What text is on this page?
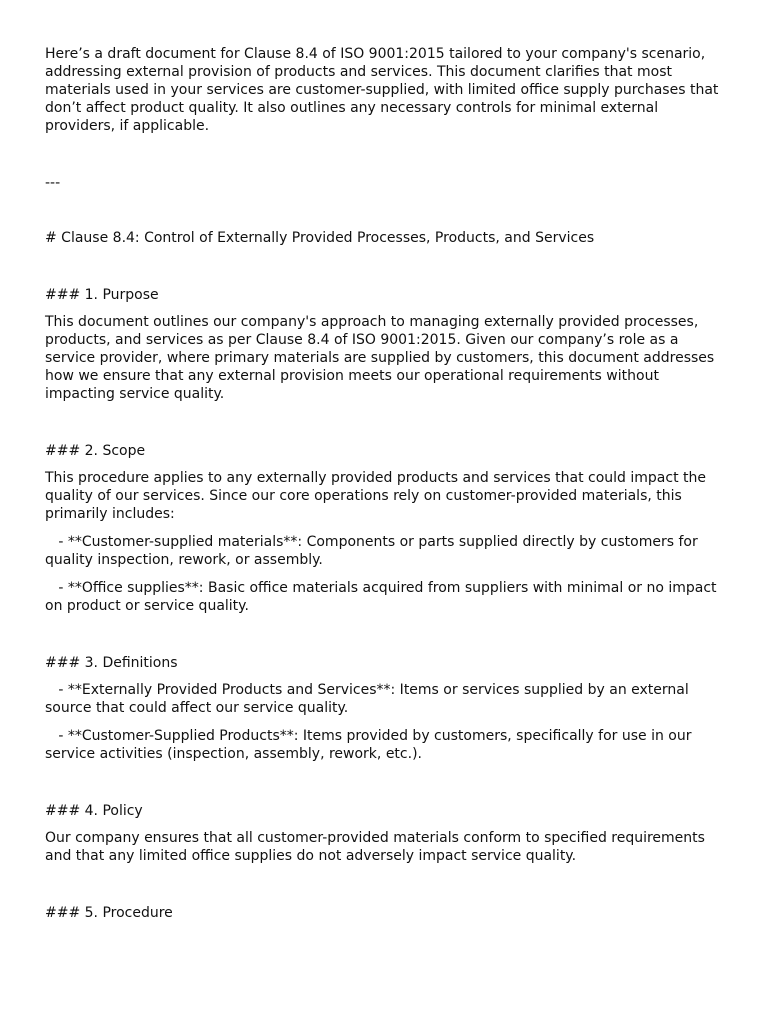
Here’s a draft document for Clause 8.4 of ISO 9001:2015 tailored to your company's scenario, addressing external provision of products and services. This document clarifies that most materials used in your services are customer-supplied, with limited office supply purchases that don’t affect product quality. It also outlines any necessary controls for minimal external providers, if applicable.

---

# Clause 8.4: Control of Externally Provided Processes, Products, and Services

### 1. Purpose

This document outlines our company's approach to managing externally provided processes, products, and services as per Clause 8.4 of ISO 9001:2015. Given our company’s role as a service provider, where primary materials are supplied by customers, this document addresses how we ensure that any external provision meets our operational requirements without impacting service quality.

### 2. Scope

This procedure applies to any externally provided products and services that could impact the quality of our services. Since our core operations rely on customer-provided materials, this primarily includes:

- **Customer-supplied materials**: Components or parts supplied directly by customers for quality inspection, rework, or assembly.

- **Office supplies**: Basic office materials acquired from suppliers with minimal or no impact on product or service quality.

### 3. Definitions

- **Externally Provided Products and Services**: Items or services supplied by an external source that could affect our service quality.

- **Customer-Supplied Products**: Items provided by customers, specifically for use in our service activities (inspection, assembly, rework, etc.).

### 4. Policy

Our company ensures that all customer-provided materials conform to specified requirements and that any limited office supplies do not adversely impact service quality.

### 5. Procedure
